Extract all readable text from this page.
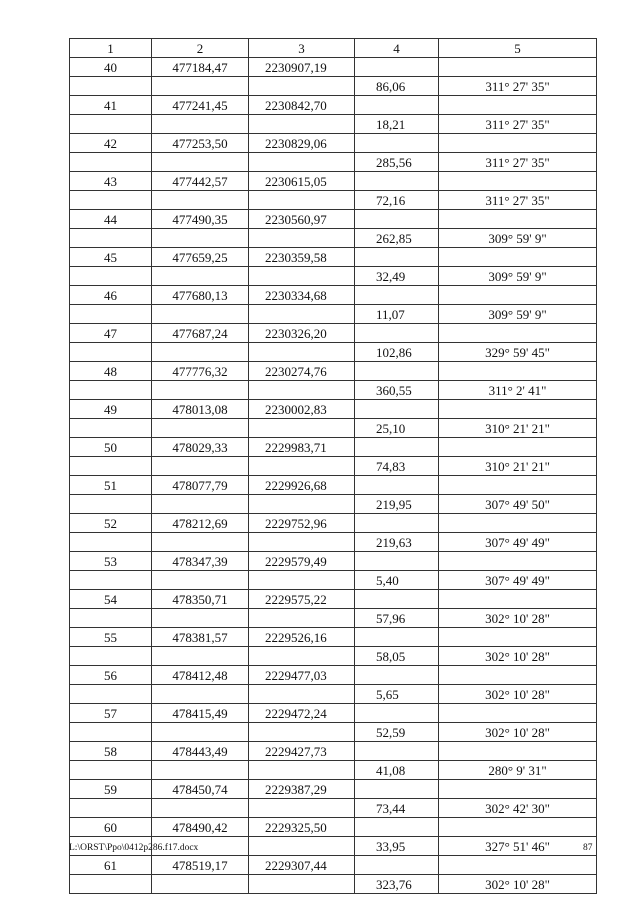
1	2	3	4	5
40	477184,47	2230907,19		
			86,06	311° 27' 35"
41	477241,45	2230842,70		
			18,21	311° 27' 35"
42	477253,50	2230829,06		
			285,56	311° 27' 35"
43	477442,57	2230615,05		
			72,16	311° 27' 35"
44	477490,35	2230560,97		
			262,85	309° 59' 9"
45	477659,25	2230359,58		
			32,49	309° 59' 9"
46	477680,13	2230334,68		
			11,07	309° 59' 9"
47	477687,24	2230326,20		
			102,86	329° 59' 45"
48	477776,32	2230274,76		
			360,55	311° 2' 41"
49	478013,08	2230002,83		
			25,10	310° 21' 21"
50	478029,33	2229983,71		
			74,83	310° 21' 21"
51	478077,79	2229926,68		
			219,95	307° 49' 50"
52	478212,69	2229752,96		
			219,63	307° 49' 49"
53	478347,39	2229579,49		
			5,40	307° 49' 49"
54	478350,71	2229575,22		
			57,96	302° 10' 28"
55	478381,57	2229526,16		
			58,05	302° 10' 28"
56	478412,48	2229477,03		
			5,65	302° 10' 28"
57	478415,49	2229472,24		
			52,59	302° 10' 28"
58	478443,49	2229427,73		
			41,08	280° 9' 31"
59	478450,74	2229387,29		
			73,44	302° 42' 30"
60	478490,42	2229325,50		
			33,95	327° 51' 46"
61	478519,17	2229307,44		
			323,76	302° 10' 28"
L:\ORST\Ppo\0412p286.f17.docx	87
